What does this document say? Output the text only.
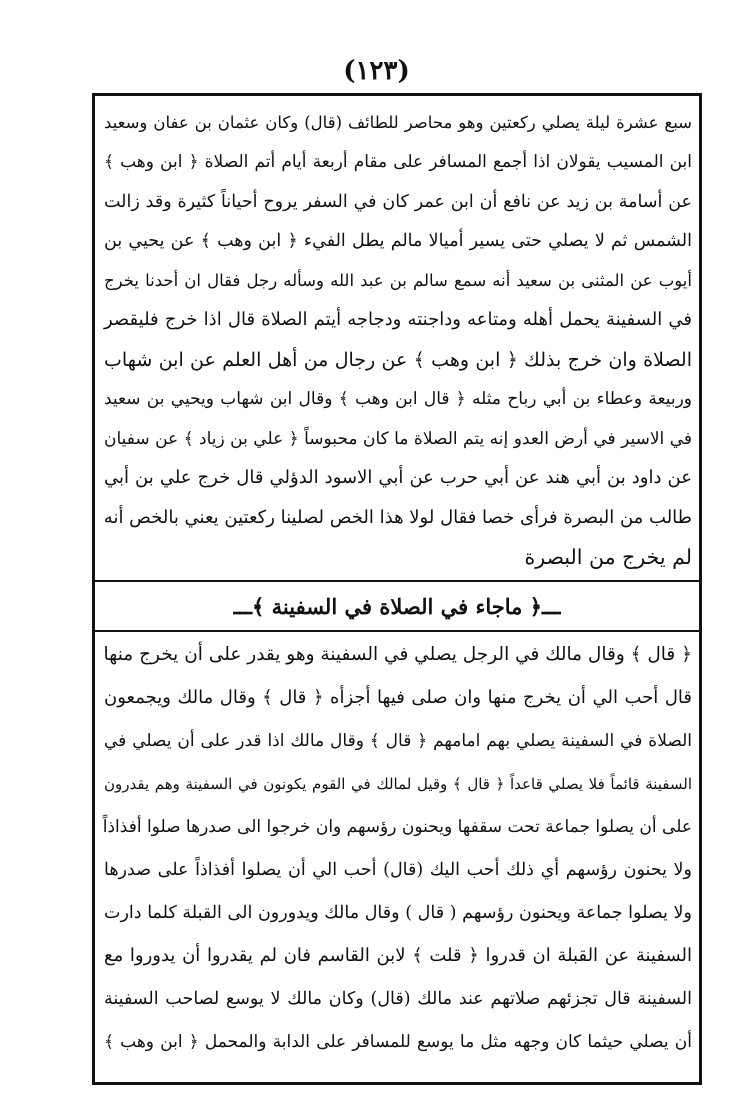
(١٢٣)
سبع عشرة ليلة يصلي ركعتين وهو محاصر للطائف (قال) وكان عثمان بن عفان وسعيد
ابن المسيب يقولان اذا أجمع المسافر على مقام أربعة أيام أتم الصلاة ﴿ ابن وهب ﴾
عن أسامة بن زيد عن نافع أن ابن عمر كان في السفر يروح أحياناً كثيرة وقد زالت
الشمس ثم لا يصلي حتى يسير أميالا مالم يطل الفيء ﴿ ابن وهب ﴾ عن يحيي بن
أيوب عن المثنى بن سعيد أنه سمع سالم بن عبد الله وسأله رجل فقال ان أحدنا يخرج
في السفينة يحمل أهله ومتاعه وداجنته ودجاجه أيتم الصلاة قال اذا خرج فليقصر
الصلاة وان خرج بذلك ﴿ ابن وهب ﴾ عن رجال من أهل العلم عن ابن شهاب
وربيعة وعطاء بن أبي رباح مثله ﴿ قال ابن وهب ﴾ وقال ابن شهاب ويحيي بن سعيد
في الاسير في أرض العدو إنه يتم الصلاة ما كان محبوساً ﴿ علي بن زياد ﴾ عن سفيان
عن داود بن أبي هند عن أبي حرب عن أبي الاسود الدؤلي قال خرج علي بن أبي
طالب من البصرة فرأى خصا فقال لولا هذا الخص لصلينا ركعتين يعني بالخص أنه
لم يخرج من البصرة
ـــ﴿ ماجاء في الصلاة في السفينة ﴾ـــ
﴿ قال ﴾ وقال مالك في الرجل يصلي في السفينة وهو يقدر على أن يخرج منها
قال أحب الي أن يخرج منها وان صلى فيها أجزأه ﴿ قال ﴾ وقال مالك ويجمعون
الصلاة في السفينة يصلي بهم امامهم ﴿ قال ﴾ وقال مالك اذا قدر على أن يصلي في
السفينة قائماً فلا يصلي قاعداً ﴿ قال ﴾ وقيل لمالك في القوم يكونون في السفينة وهم يقدرون
على أن يصلوا جماعة تحت سقفها ويحنون رؤسهم وان خرجوا الى صدرها صلوا أفذاذاً
ولا يحنون رؤسهم أي ذلك أحب اليك (قال) أحب الي أن يصلوا أفذاذاً على صدرها
ولا يصلوا جماعة ويحنون رؤسهم ( قال ) وقال مالك ويدورون الى القبلة كلما دارت
السفينة عن القبلة ان قدروا ﴿ قلت ﴾ لابن القاسم فان لم يقدروا أن يدوروا مع
السفينة قال تجزئهم صلاتهم عند مالك (قال) وكان مالك لا يوسع لصاحب السفينة
أن يصلي حيثما كان وجهه مثل ما يوسع للمسافر على الدابة والمحمل ﴿ ابن وهب ﴾
